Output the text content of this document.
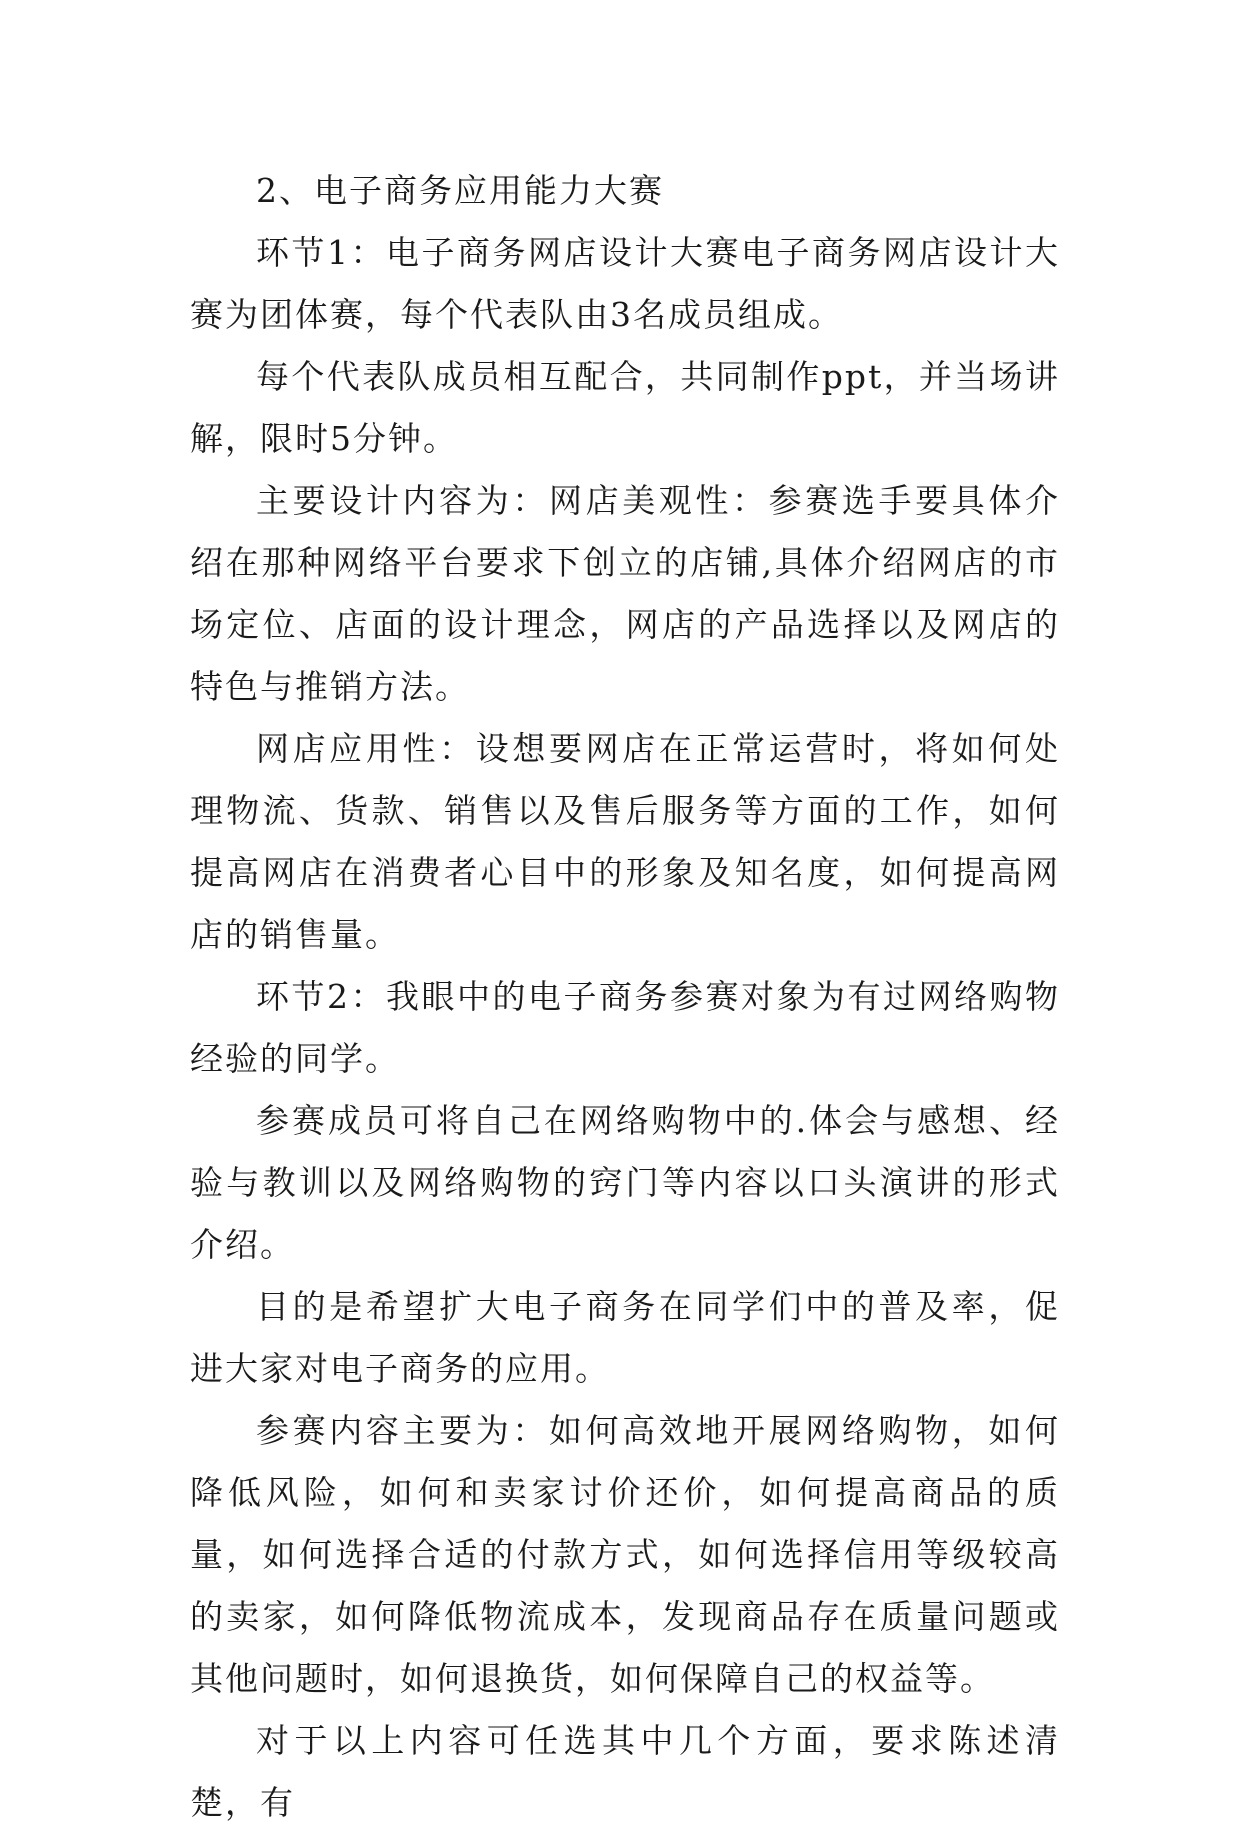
2、电子商务应用能力大赛

环节1：电子商务网店设计大赛电子商务网店设计大赛为团体赛，每个代表队由3名成员组成。

每个代表队成员相互配合，共同制作ppt，并当场讲解，限时5分钟。

主要设计内容为：网店美观性：参赛选手要具体介绍在那种网络平台要求下创立的店铺,具体介绍网店的市场定位、店面的设计理念，网店的产品选择以及网店的特色与推销方法。

网店应用性：设想要网店在正常运营时，将如何处理物流、货款、销售以及售后服务等方面的工作，如何提高网店在消费者心目中的形象及知名度，如何提高网店的销售量。

环节2：我眼中的电子商务参赛对象为有过网络购物经验的同学。

参赛成员可将自己在网络购物中的.体会与感想、经验与教训以及网络购物的窍门等内容以口头演讲的形式介绍。

目的是希望扩大电子商务在同学们中的普及率，促进大家对电子商务的应用。

参赛内容主要为：如何高效地开展网络购物，如何降低风险，如何和卖家讨价还价，如何提高商品的质量，如何选择合适的付款方式，如何选择信用等级较高的卖家，如何降低物流成本，发现商品存在质量问题或其他问题时，如何退换货，如何保障自己的权益等。

对于以上内容可任选其中几个方面，要求陈述清楚，有
